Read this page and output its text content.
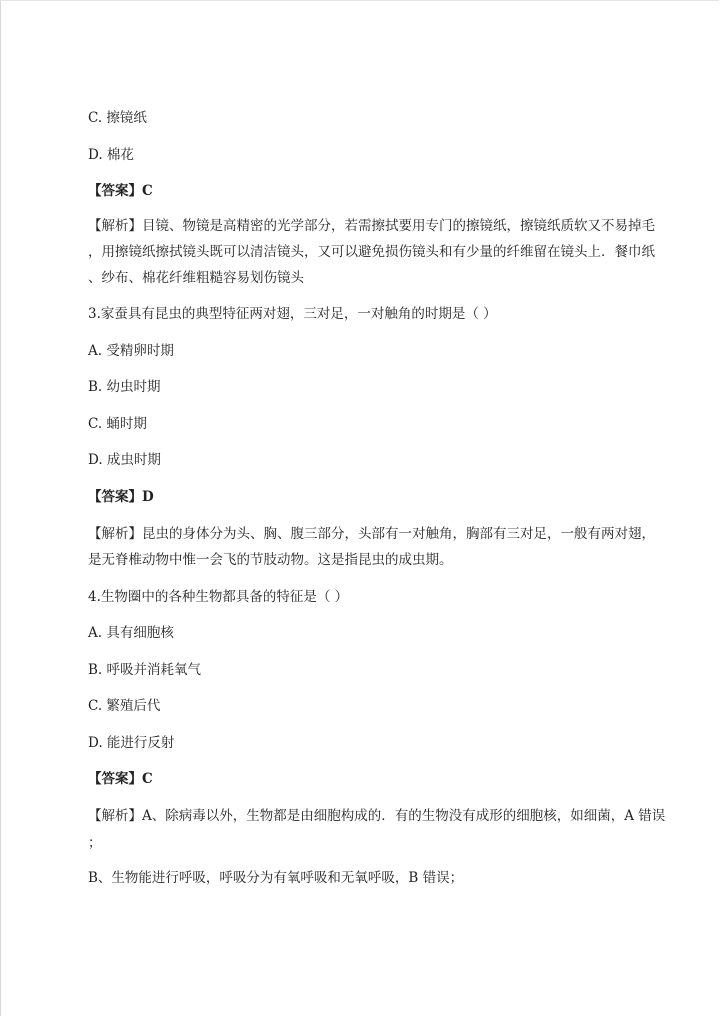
C. 擦镜纸
D. 棉花
【答案】C
【解析】目镜、物镜是高精密的光学部分，若需擦拭要用专门的擦镜纸，擦镜纸质软又不易掉毛
，用擦镜纸擦拭镜头既可以清洁镜头，又可以避免损伤镜头和有少量的纤维留在镜头上．餐巾纸
、纱布、棉花纤维粗糙容易划伤镜头
3.家蚕具有昆虫的典型特征两对翅，三对足，一对触角的时期是（ ）
A. 受精卵时期
B. 幼虫时期
C. 蛹时期
D. 成虫时期
【答案】D
【解析】昆虫的身体分为头、胸、腹三部分，头部有一对触角，胸部有三对足，一般有两对翅，
是无脊椎动物中惟一会飞的节肢动物。这是指昆虫的成虫期。
4.生物圈中的各种生物都具备的特征是（ ）
A. 具有细胞核
B. 呼吸并消耗氧气
C. 繁殖后代
D. 能进行反射
【答案】C
【解析】A、除病毒以外，生物都是由细胞构成的．有的生物没有成形的细胞核，如细菌，A 错误
；
B、生物能进行呼吸，呼吸分为有氧呼吸和无氧呼吸，B 错误；
